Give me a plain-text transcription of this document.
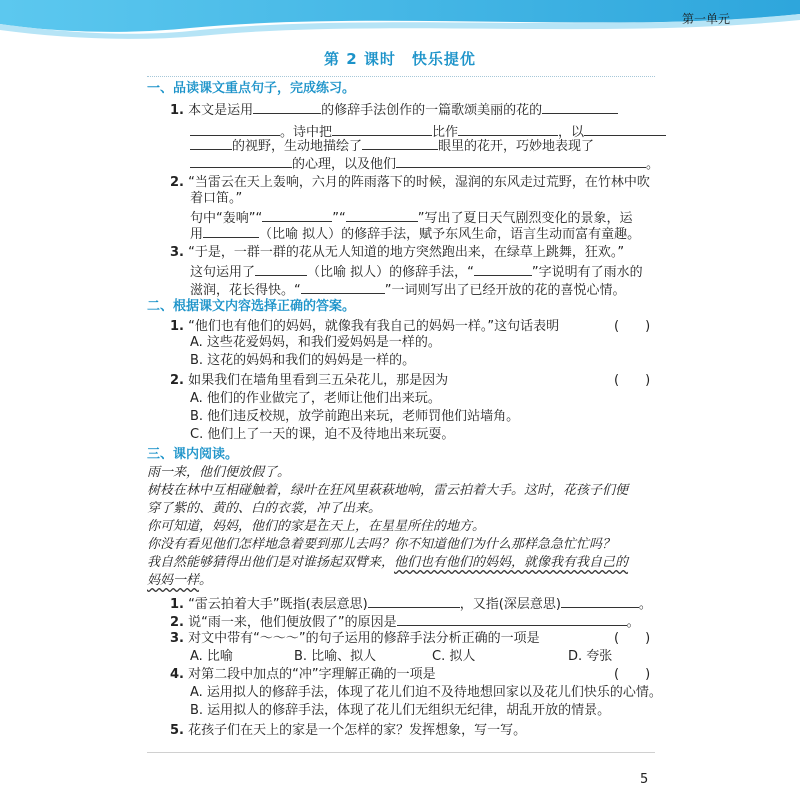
第一单元
第 2 课时　快乐提优
一、品读课文重点句子，完成练习。
1. 本文是运用	的修辞手法创作的一篇歌颂美丽的花的
。诗中把	比作	，以
的视野，生动地描绘了	眼里的花开，巧妙地表现了
的心理，以及他们	。
2. “当雷云在天上轰响，六月的阵雨落下的时候，湿润的东风走过荒野，在竹林中吹
着口笛。”
句中“轰响”“	”“	”写出了夏日天气剧烈变化的景象，运
用	（比喻 拟人）的修辞手法，赋予东风生命，语言生动而富有童趣。
3. “于是，一群一群的花从无人知道的地方突然跑出来，在绿草上跳舞，狂欢。”
这句运用了	（比喻 拟人）的修辞手法，“	”字说明有了雨水的
滋润，花长得快。“	”一词则写出了已经开放的花的喜悦心情。
二、根据课文内容选择正确的答案。
1. “他们也有他们的妈妈，就像我有我自己的妈妈一样。”这句话表明	(　　)
A. 这些花爱妈妈，和我们爱妈妈是一样的。
B. 这花的妈妈和我们的妈妈是一样的。
2. 如果我们在墙角里看到三五朵花儿，那是因为	(　　)
A. 他们的作业做完了，老师让他们出来玩。
B. 他们违反校规，放学前跑出来玩，老师罚他们站墙角。
C. 他们上了一天的课，迫不及待地出来玩耍。
三、课内阅读。
雨一来，他们便放假了。
树枝在林中互相碰触着，绿叶在狂风里萩萩地响，雷云拍着大手。这时，花孩子们便
穿了紫的、黄的、白的衣裳，冲了出来。
你可知道，妈妈，他们的家是在天上，在星星所住的地方。
你没有看见他们怎样地急着要到那儿去吗？你不知道他们为什么那样急急忙忙吗？
我自然能够猜得出他们是对谁扬起双臂来，他们也有他们的妈妈，就像我有我自己的
妈妈一样。
1. “雷云拍着大手”既指(表层意思)	，又指(深层意思)	。
2. 说“雨一来，他们便放假了”的原因是	。
3. 对文中带有“～～～”的句子运用的修辞手法分析正确的一项是	(　　)
A. 比喻	B. 比喻、拟人	C. 拟人	D. 夸张
4. 对第二段中加点的“冲”字理解正确的一项是	(　　)
A. 运用拟人的修辞手法，体现了花儿们迫不及待地想回家以及花儿们快乐的心情。
B. 运用拟人的修辞手法，体现了花儿们无组织无纪律，胡乱开放的情景。
5. 花孩子们在天上的家是一个怎样的家？发挥想象，写一写。
5
